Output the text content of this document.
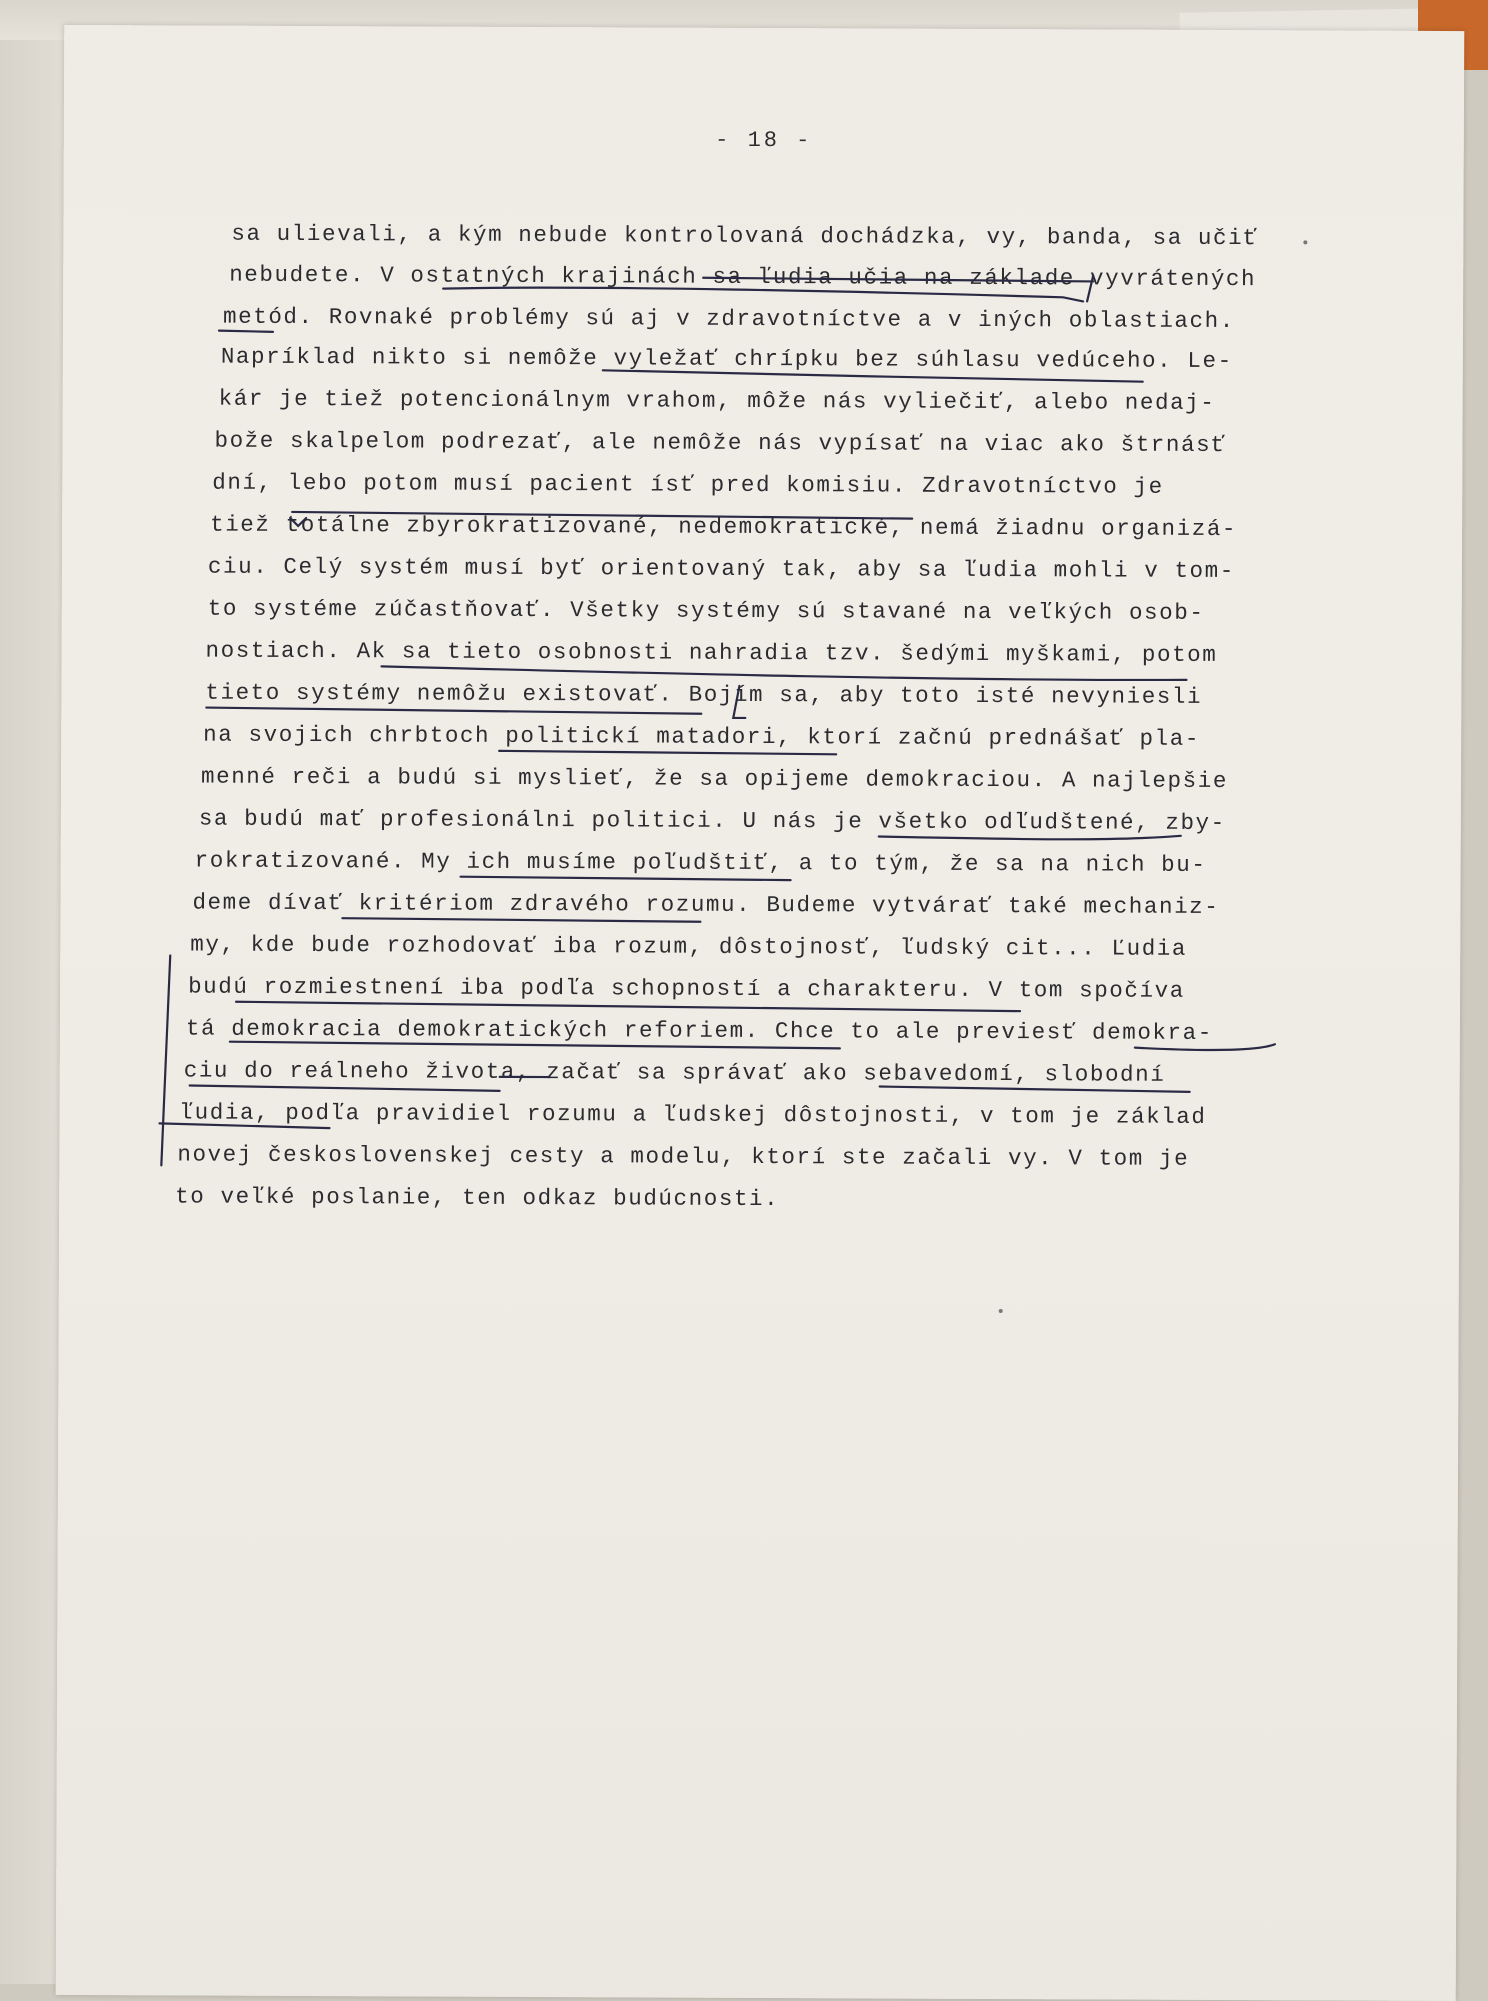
- 18 -
sa ulievali, a kým nebude kontrolovaná dochádzka, vy, banda, sa učiť
nebudete. V ostatných krajinách sa ľudia učia na základe vyvrátených
metód. Rovnaké problémy sú aj v zdravotníctve a v iných oblastiach.
Napríklad nikto si nemôže vyležať chrípku bez súhlasu vedúceho. Le-
kár je tiež potencionálnym vrahom, môže nás vyliečiť, alebo nedaj-
bože skalpelom podrezať, ale nemôže nás vypísať na viac ako štrnásť
dní, lebo potom musí pacient ísť pred komisiu. Zdravotníctvo je
tiež totálne zbyrokratizované, nedemokratické, nemá žiadnu organizá-
ciu. Celý systém musí byť orientovaný tak, aby sa ľudia mohli v tom-
to systéme zúčastňovať. Všetky systémy sú stavané na veľkých osob-
nostiach. Ak sa tieto osobnosti nahradia tzv. šedými myškami, potom
tieto systémy nemôžu existovať. Bojím sa, aby toto isté nevyniesli
na svojich chrbtoch politickí matadori, ktorí začnú prednášať pla-
menné reči a budú si myslieť, že sa opijeme demokraciou. A najlepšie
sa budú mať profesionálni politici. U nás je všetko odľudštené, zby-
rokratizované. My ich musíme poľudštiť, a to tým, že sa na nich bu-
deme dívať kritériom zdravého rozumu. Budeme vytvárať také mechaniz-
my, kde bude rozhodovať iba rozum, dôstojnosť, ľudský cit... Ľudia
budú rozmiestnení iba podľa schopností a charakteru. V tom spočíva
tá demokracia demokratických reforiem. Chce to ale previesť demokra-
ciu do reálneho života, začať sa správať ako sebavedomí, slobodní
ľudia, podľa pravidiel rozumu a ľudskej dôstojnosti, v tom je základ
novej československej cesty a modelu, ktorí ste začali vy. V tom je
to veľké poslanie, ten odkaz budúcnosti.
